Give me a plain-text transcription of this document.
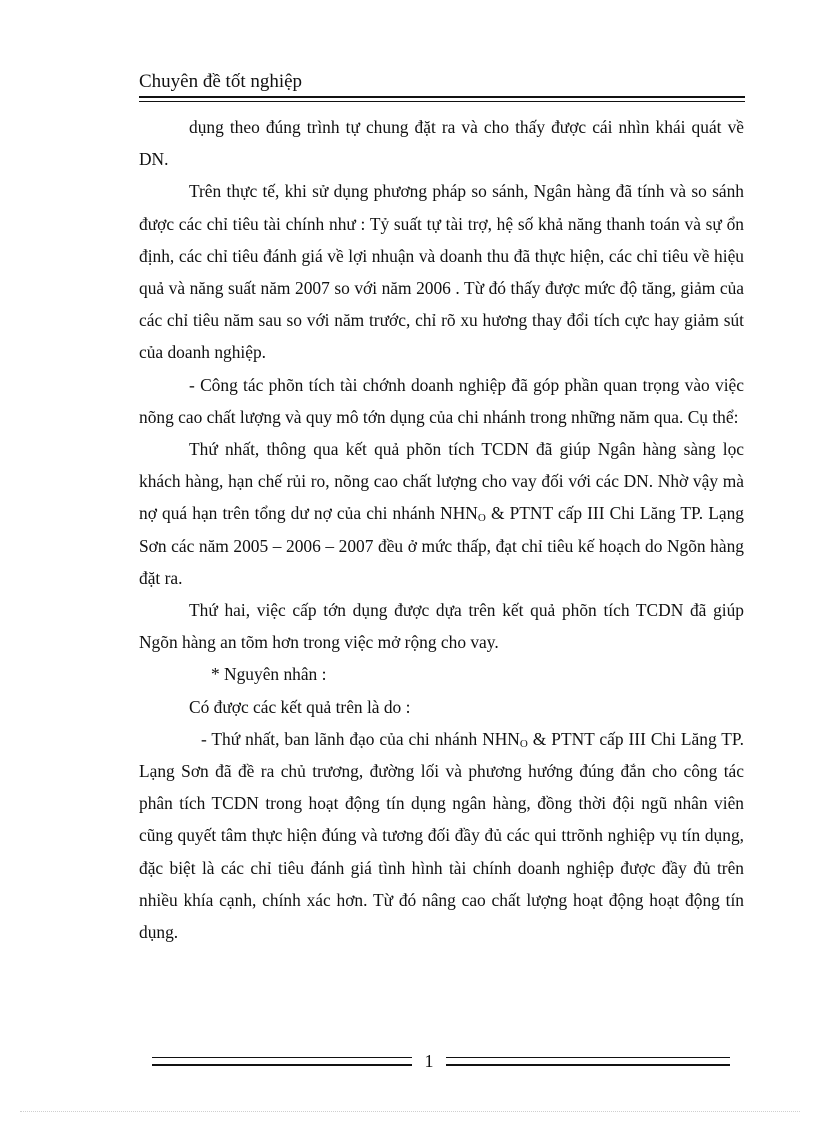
Chuyên đề tốt nghiệp

dụng theo đúng trình tự chung đặt ra và cho thấy được cái nhìn khái quát về DN.

Trên thực tế, khi sử dụng phương pháp so sánh, Ngân hàng đã tính và so sánh được các chỉ tiêu tài chính như : Tỷ suất tự tài trợ, hệ số khả năng thanh toán và sự ổn định, các chỉ tiêu đánh giá về lợi nhuận và doanh thu đã thực hiện, các chỉ tiêu về hiệu quả và năng suất năm 2007 so với năm 2006 . Từ đó thấy được mức độ tăng, giảm của các chỉ tiêu năm sau so với năm trước, chỉ rõ xu hương thay đổi tích cực hay giảm sút của doanh nghiệp.

- Công tác phõn tích tài chớnh doanh nghiệp đã góp phần quan trọng vào việc nõng cao chất lượng và quy mô tớn dụng của chi nhánh trong những năm qua. Cụ thể:

Thứ nhất, thông qua kết quả phõn tích TCDN đã giúp Ngân hàng sàng lọc khách hàng, hạn chế rủi ro, nõng cao chất lượng cho vay đối với các DN. Nhờ vậy mà nợ quá hạn trên tổng dư nợ của chi nhánh $NHN_O$ & PTNT cấp III Chi Lăng TP. Lạng Sơn các năm 2005 – 2006 – 2007 đều ở mức thấp, đạt chỉ tiêu kế hoạch do Ngõn hàng đặt ra.

Thứ hai, việc cấp tớn dụng được dựa trên kết quả phõn tích TCDN đã giúp Ngõn hàng an tõm hơn trong việc mở rộng cho vay.

* Nguyên nhân :

Có được các kết quả trên là do :

- Thứ nhất, ban lãnh đạo của chi nhánh $NHN_O$ & PTNT cấp III Chi Lăng TP. Lạng Sơn đã đề ra chủ trương, đường lối và phương hướng đúng đắn cho công tác phân tích TCDN trong hoạt động tín dụng ngân hàng, đồng thời đội ngũ nhân viên cũng quyết tâm thực hiện đúng và tương đối đầy đủ các qui ttrõnh nghiệp vụ tín dụng, đặc biệt là các chỉ tiêu đánh giá tình hình tài chính doanh nghiệp được đầy đủ trên nhiều khía cạnh, chính xác hơn. Từ đó nâng cao chất lượng hoạt động hoạt động tín dụng.

1
